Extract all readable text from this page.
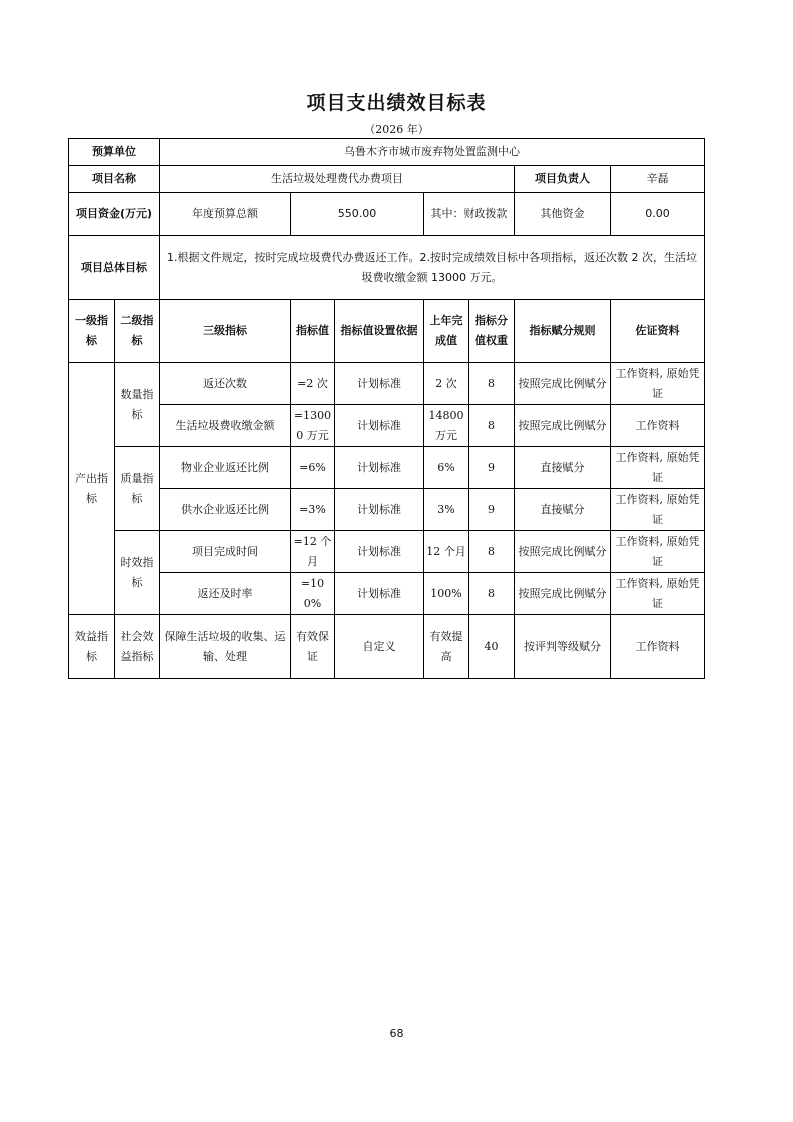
项目支出绩效目标表
（2026 年）
预算单位		乌鲁木齐市城市废弃物处置监测中心						
项目名称		生活垃圾处理费代办费项目					项目负责人	辛磊
项目资金(万元)		年度预算总额	550.00		其中：财政拨款		其他资金	0.00
项目总体目标		1.根据文件规定，按时完成垃圾费代办费返还工作。2.按时完成绩效目标中各项指标，返还次数 2 次，生活垃圾费收缴金额 13000 万元。						
一级指标	二级指标	三级指标	指标值	指标值设置依据	上年完成值	指标分值权重	指标赋分规则	佐证资料
产出指标	数量指标	返还次数	=2 次	计划标准	2 次	8	按照完成比例赋分	工作资料, 原始凭证
		生活垃圾费收缴金额	=13000 万元	计划标准	14800 万元	8	按照完成比例赋分	工作资料
	质量指标	物业企业返还比例	=6%	计划标准	6%	9	直接赋分	工作资料, 原始凭证
		供水企业返还比例	=3%	计划标准	3%	9	直接赋分	工作资料, 原始凭证
	时效指标	项目完成时间	=12 个月	计划标准	12 个月	8	按照完成比例赋分	工作资料, 原始凭证
		返还及时率	=100%	计划标准	100%	8	按照完成比例赋分	工作资料, 原始凭证
效益指标	社会效益指标	保障生活垃圾的收集、运输、处理	有效保证	自定义	有效提高	40	按评判等级赋分	工作资料
68
